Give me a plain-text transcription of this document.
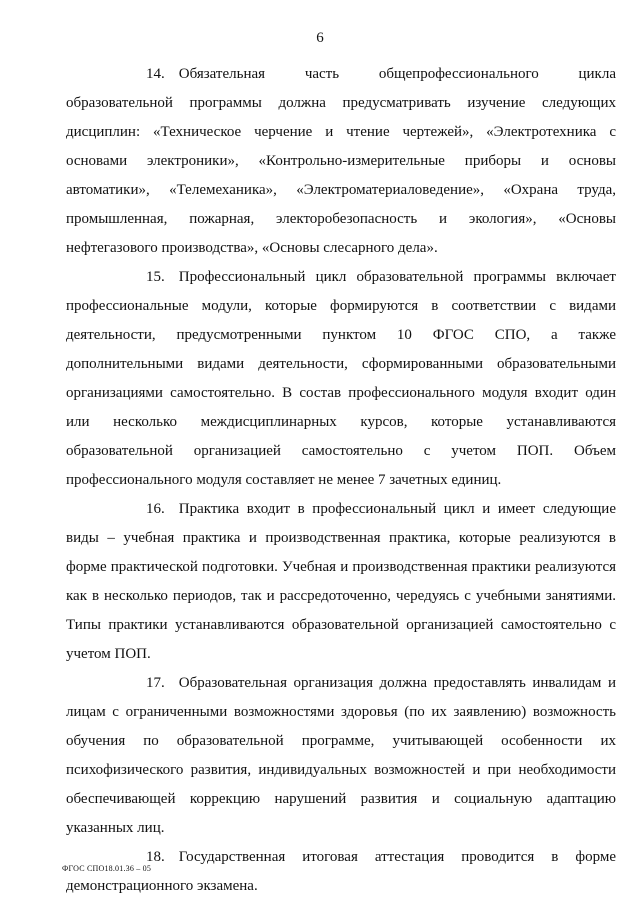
6

14. Обязательная часть общепрофессионального цикла образовательной программы должна предусматривать изучение следующих дисциплин: «Техническое черчение и чтение чертежей», «Электротехника с основами электроники», «Контрольно-измерительные приборы и основы автоматики», «Телемеханика», «Электроматериаловедение», «Охрана труда, промышленная, пожарная, электоробезопасность и экология», «Основы нефтегазового производства», «Основы слесарного дела».

15. Профессиональный цикл образовательной программы включает профессиональные модули, которые формируются в соответствии с видами деятельности, предусмотренными пунктом 10 ФГОС СПО, а также дополнительными видами деятельности, сформированными образовательными организациями самостоятельно. В состав профессионального модуля входит один или несколько междисциплинарных курсов, которые устанавливаются образовательной организацией самостоятельно с учетом ПОП. Объем профессионального модуля составляет не менее 7 зачетных единиц.

16. Практика входит в профессиональный цикл и имеет следующие виды – учебная практика и производственная практика, которые реализуются в форме практической подготовки. Учебная и производственная практики реализуются как в несколько периодов, так и рассредоточенно, чередуясь с учебными занятиями. Типы практики устанавливаются образовательной организацией самостоятельно с учетом ПОП.

17. Образовательная организация должна предоставлять инвалидам и лицам с ограниченными возможностями здоровья (по их заявлению) возможность обучения по образовательной программе, учитывающей особенности их психофизического развития, индивидуальных возможностей и при необходимости обеспечивающей коррекцию нарушений развития и социальную адаптацию указанных лиц.

18. Государственная итоговая аттестация проводится в форме демонстрационного экзамена.

ФГОС СПО18.01.36 – 05
